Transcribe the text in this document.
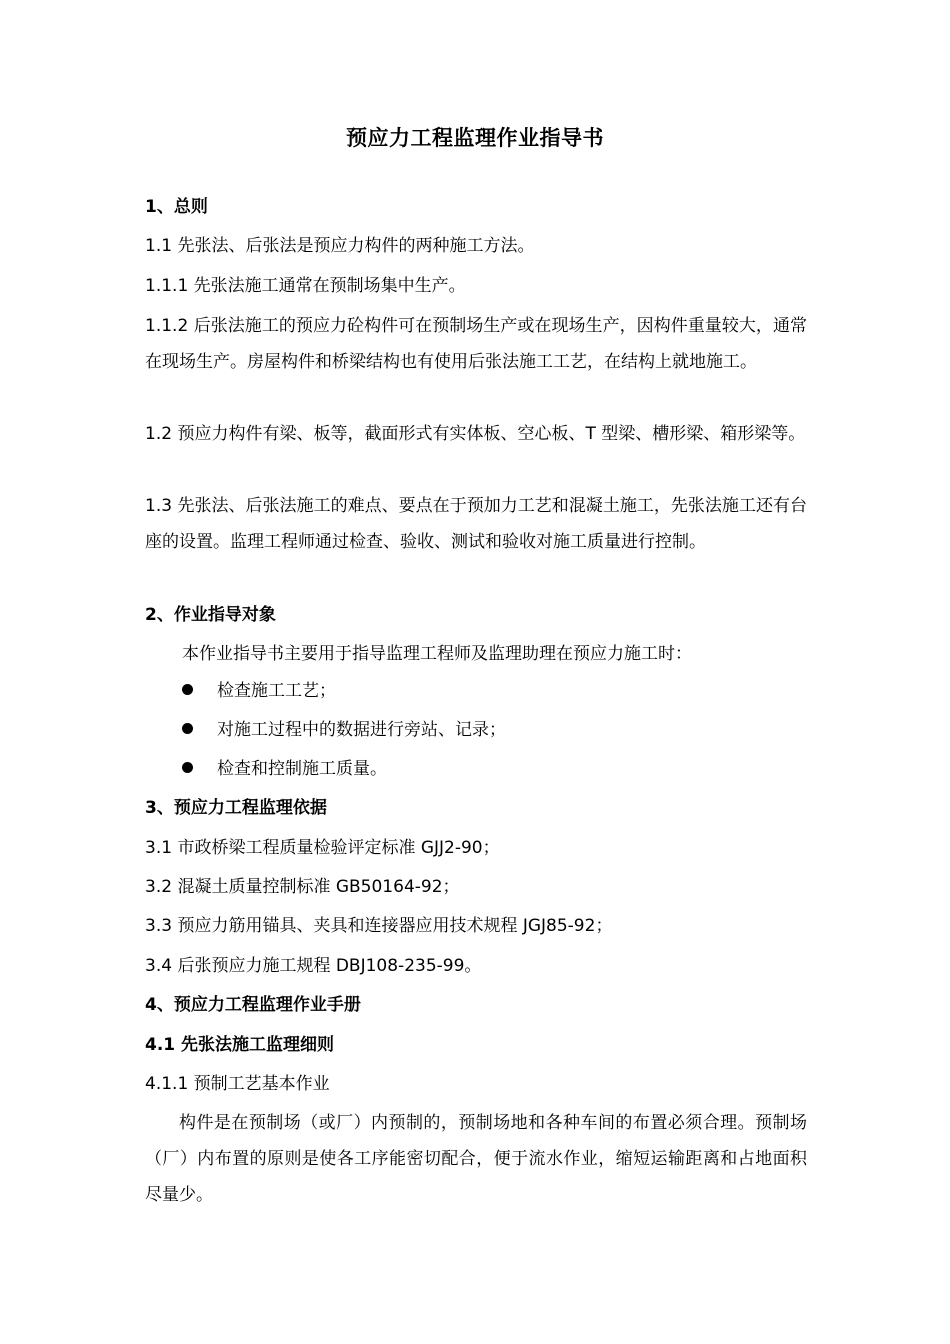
预应力工程监理作业指导书
1、总则
1.1 先张法、后张法是预应力构件的两种施工方法。
1.1.1 先张法施工通常在预制场集中生产。
1.1.2 后张法施工的预应力砼构件可在预制场生产或在现场生产，因构件重量较大，通常在现场生产。房屋构件和桥梁结构也有使用后张法施工工艺，在结构上就地施工。
1.2 预应力构件有梁、板等，截面形式有实体板、空心板、T 型梁、槽形梁、箱形梁等。
1.3 先张法、后张法施工的难点、要点在于预加力工艺和混凝土施工，先张法施工还有台座的设置。监理工程师通过检查、验收、测试和验收对施工质量进行控制。
2、作业指导对象
本作业指导书主要用于指导监理工程师及监理助理在预应力施工时：
检查施工工艺；
对施工过程中的数据进行旁站、记录；
检查和控制施工质量。
3、预应力工程监理依据
3.1 市政桥梁工程质量检验评定标准 GJJ2-90；
3.2 混凝土质量控制标准 GB50164-92；
3.3 预应力筋用锚具、夹具和连接器应用技术规程 JGJ85-92；
3.4 后张预应力施工规程 DBJ108-235-99。
4、预应力工程监理作业手册
4.1 先张法施工监理细则
4.1.1 预制工艺基本作业
构件是在预制场（或厂）内预制的，预制场地和各种车间的布置必须合理。预制场（厂）内布置的原则是使各工序能密切配合，便于流水作业，缩短运输距离和占地面积尽量少。
